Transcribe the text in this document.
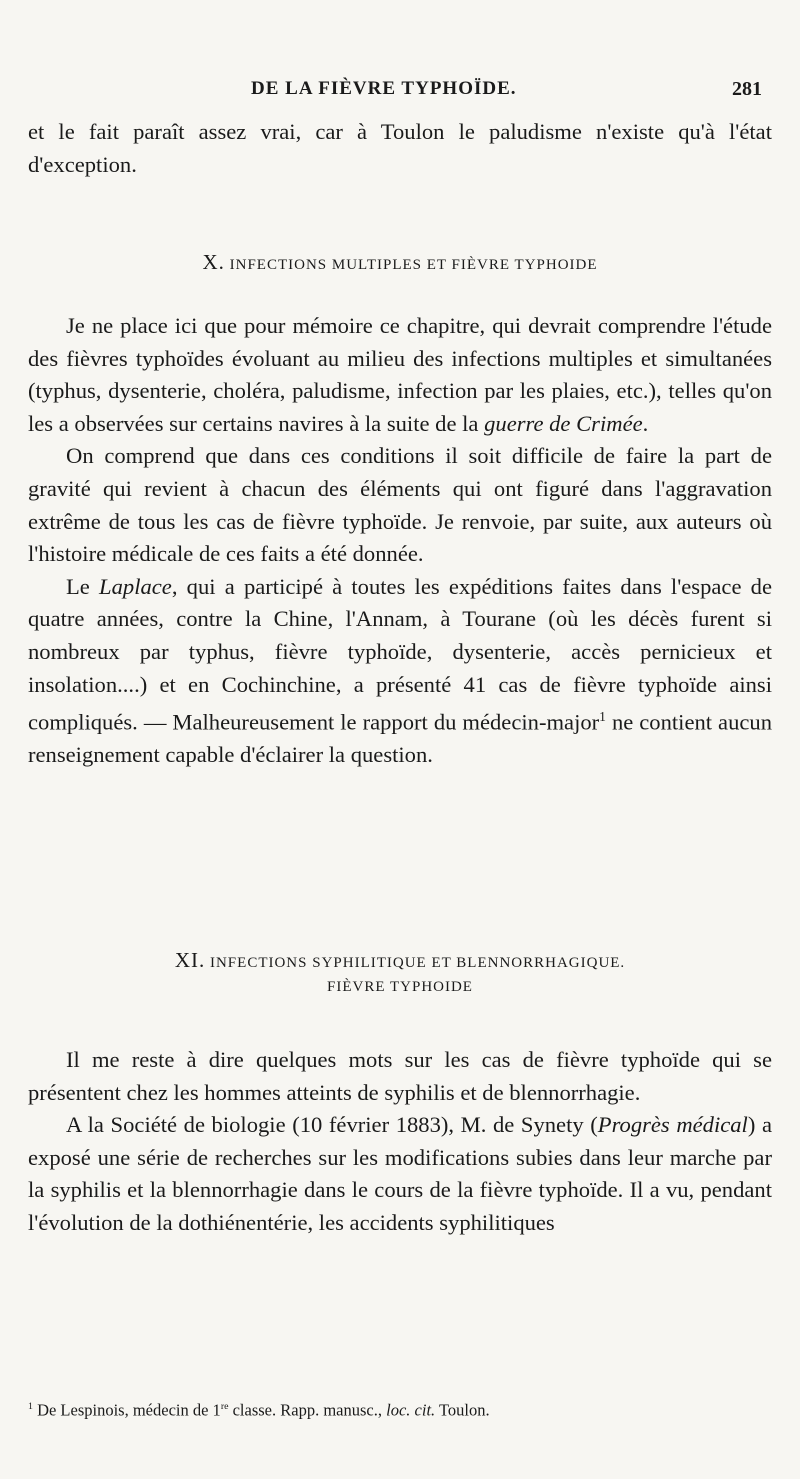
DE LA FIÈVRE TYPHOÏDE.	281

et le fait paraît assez vrai, car à Toulon le paludisme n'existe qu'à l'état d'exception.

X. INFECTIONS MULTIPLES ET FIÈVRE TYPHOIDE

Je ne place ici que pour mémoire ce chapitre, qui devrait comprendre l'étude des fièvres typhoïdes évoluant au milieu des infections multiples et simultanées (typhus, dysenterie, choléra, paludisme, infection par les plaies, etc.), telles qu'on les a observées sur certains navires à la suite de la guerre de Crimée.

On comprend que dans ces conditions il soit difficile de faire la part de gravité qui revient à chacun des éléments qui ont figuré dans l'aggravation extrême de tous les cas de fièvre typhoïde. Je renvoie, par suite, aux auteurs où l'histoire médicale de ces faits a été donnée.

Le Laplace, qui a participé à toutes les expéditions faites dans l'espace de quatre années, contre la Chine, l'Annam, à Tourane (où les décès furent si nombreux par typhus, fièvre typhoïde, dysenterie, accès pernicieux et insolation....) et en Cochinchine, a présenté 41 cas de fièvre typhoïde ainsi compliqués. — Malheureusement le rapport du médecin-major$^1$ ne contient aucun renseignement capable d'éclairer la question.

XI. INFECTIONS SYPHILITIQUE ET BLENNORRHAGIQUE.
FIÈVRE TYPHOIDE

Il me reste à dire quelques mots sur les cas de fièvre typhoïde qui se présentent chez les hommes atteints de syphilis et de blennorrhagie.

A la Société de biologie (10 février 1883), M. de Synety (Progrès médical) a exposé une série de recherches sur les modifications subies dans leur marche par la syphilis et la blennorrhagie dans le cours de la fièvre typhoïde. Il a vu, pendant l'évolution de la dothiénentérie, les accidents syphilitiques

$^1$ De Lespinois, médecin de 1re classe. Rapp. manusc., loc. cit. Toulon.
